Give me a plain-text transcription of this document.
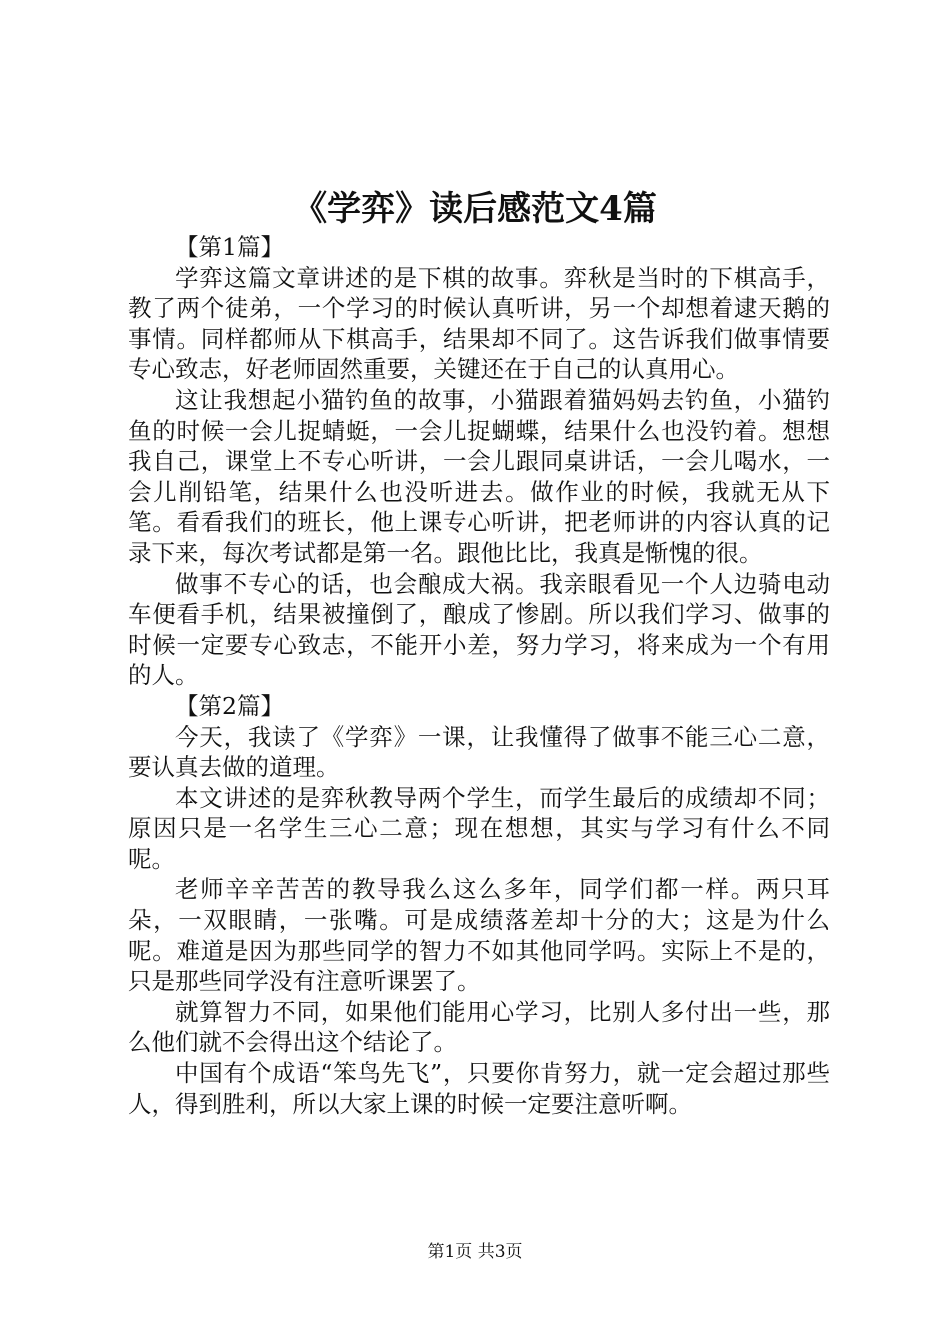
《学弈》读后感范文4篇

【第1篇】

学弈这篇文章讲述的是下棋的故事。弈秋是当时的下棋高手，教了两个徒弟，一个学习的时候认真听讲，另一个却想着逮天鹅的事情。同样都师从下棋高手，结果却不同了。这告诉我们做事情要专心致志，好老师固然重要，关键还在于自己的认真用心。

这让我想起小猫钓鱼的故事，小猫跟着猫妈妈去钓鱼，小猫钓鱼的时候一会儿捉蜻蜓，一会儿捉蝴蝶，结果什么也没钓着。想想我自己，课堂上不专心听讲，一会儿跟同桌讲话，一会儿喝水，一会儿削铅笔，结果什么也没听进去。做作业的时候，我就无从下笔。看看我们的班长，他上课专心听讲，把老师讲的内容认真的记录下来，每次考试都是第一名。跟他比比，我真是惭愧的很。

做事不专心的话，也会酿成大祸。我亲眼看见一个人边骑电动车便看手机，结果被撞倒了，酿成了惨剧。所以我们学习、做事的时候一定要专心致志，不能开小差，努力学习，将来成为一个有用的人。

【第2篇】

今天，我读了《学弈》一课，让我懂得了做事不能三心二意，要认真去做的道理。

本文讲述的是弈秋教导两个学生，而学生最后的成绩却不同；原因只是一名学生三心二意；现在想想，其实与学习有什么不同呢。

老师辛辛苦苦的教导我么这么多年，同学们都一样。两只耳朵，一双眼睛，一张嘴。可是成绩落差却十分的大；这是为什么呢。难道是因为那些同学的智力不如其他同学吗。实际上不是的，只是那些同学没有注意听课罢了。

就算智力不同，如果他们能用心学习，比别人多付出一些，那么他们就不会得出这个结论了。

中国有个成语“笨鸟先飞”，只要你肯努力，就一定会超过那些人，得到胜利，所以大家上课的时候一定要注意听啊。

第1页 共3页
